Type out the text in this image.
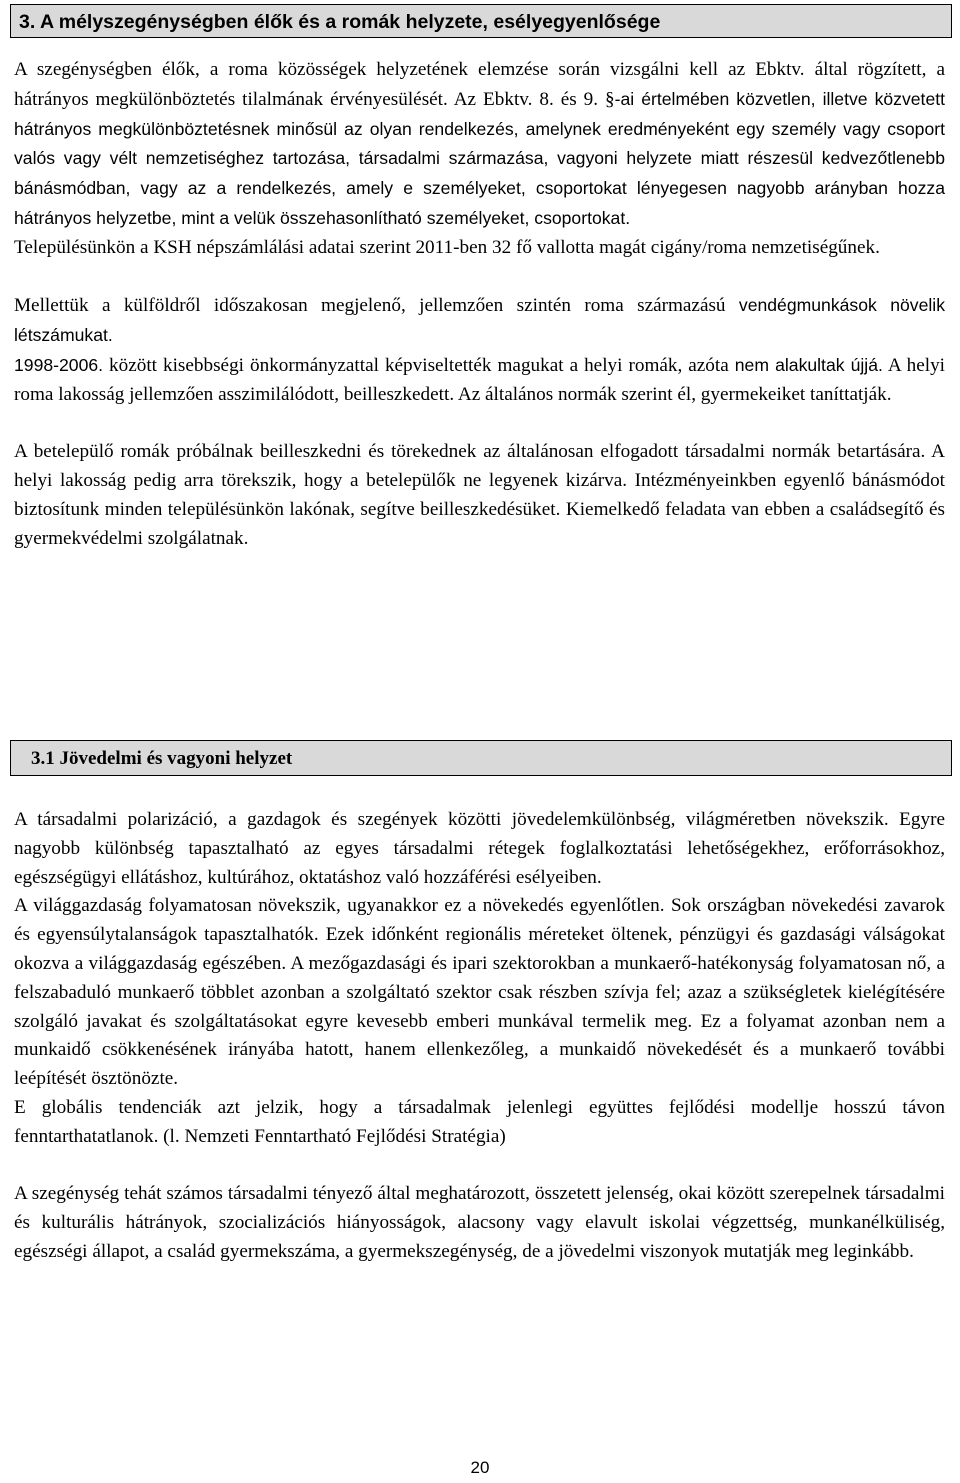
3. A mélyszegénységben élők és a romák helyzete, esélyegyenlősége

A szegénységben élők, a roma közösségek helyzetének elemzése során vizsgálni kell az Ebktv. által rögzített, a hátrányos megkülönböztetés tilalmának érvényesülését. Az Ebktv. 8. és 9. §-ai értelmében közvetlen, illetve közvetett hátrányos megkülönböztetésnek minősül az olyan rendelkezés, amelynek eredményeként egy személy vagy csoport valós vagy vélt nemzetiséghez tartozása, társadalmi származása, vagyoni helyzete miatt részesül kedvezőtlenebb bánásmódban, vagy az a rendelkezés, amely e személyeket, csoportokat lényegesen nagyobb arányban hozza hátrányos helyzetbe, mint a velük összehasonlítható személyeket, csoportokat.

Településünkön a KSH népszámlálási adatai szerint 2011-ben 32 fő vallotta magát cigány/roma nemzetiségűnek.

Mellettük a külföldről időszakosan megjelenő, jellemzően szintén roma származású vendégmunkások növelik létszámukat.

1998-2006. között kisebbségi önkormányzattal képviseltették magukat a helyi romák, azóta nem alakultak újjá. A helyi roma lakosság jellemzően asszimilálódott, beilleszkedett. Az általános normák szerint él, gyermekeiket taníttatják.

A betelepülő romák próbálnak beilleszkedni és törekednek az általánosan elfogadott társadalmi normák betartására. A helyi lakosság pedig arra törekszik, hogy a betelepülők ne legyenek kizárva. Intézményeinkben egyenlő bánásmódot biztosítunk minden településünkön lakónak, segítve beilleszkedésüket. Kiemelkedő feladata van ebben a családsegítő és gyermekvédelmi szolgálatnak.

3.1 Jövedelmi és vagyoni helyzet

A társadalmi polarizáció, a gazdagok és szegények közötti jövedelemkülönbség, világméretben növekszik. Egyre nagyobb különbség tapasztalható az egyes társadalmi rétegek foglalkoztatási lehetőségekhez, erőforrásokhoz, egészségügyi ellátáshoz, kultúrához, oktatáshoz való hozzáférési esélyeiben.

A világgazdaság folyamatosan növekszik, ugyanakkor ez a növekedés egyenlőtlen. Sok országban növekedési zavarok és egyensúlytalanságok tapasztalhatók. Ezek időnként regionális méreteket öltenek, pénzügyi és gazdasági válságokat okozva a világgazdaság egészében. A mezőgazdasági és ipari szektorokban a munkaerő-hatékonyság folyamatosan nő, a felszabaduló munkaerő többlet azonban a szolgáltató szektor csak részben szívja fel; azaz a szükségletek kielégítésére szolgáló javakat és szolgáltatásokat egyre kevesebb emberi munkával termelik meg. Ez a folyamat azonban nem a munkaidő csökkenésének irányába hatott, hanem ellenkezőleg, a munkaidő növekedését és a munkaerő további leépítését ösztönözte.

E globális tendenciák azt jelzik, hogy a társadalmak jelenlegi együttes fejlődési modellje hosszú távon fenntarthatatlanok. (l. Nemzeti Fenntartható Fejlődési Stratégia)

A szegénység tehát számos társadalmi tényező által meghatározott, összetett jelenség, okai között szerepelnek társadalmi és kulturális hátrányok, szocializációs hiányosságok, alacsony vagy elavult iskolai végzettség, munkanélküliség, egészségi állapot, a család gyermekszáma, a gyermekszegénység, de a jövedelmi viszonyok mutatják meg leginkább.

20
